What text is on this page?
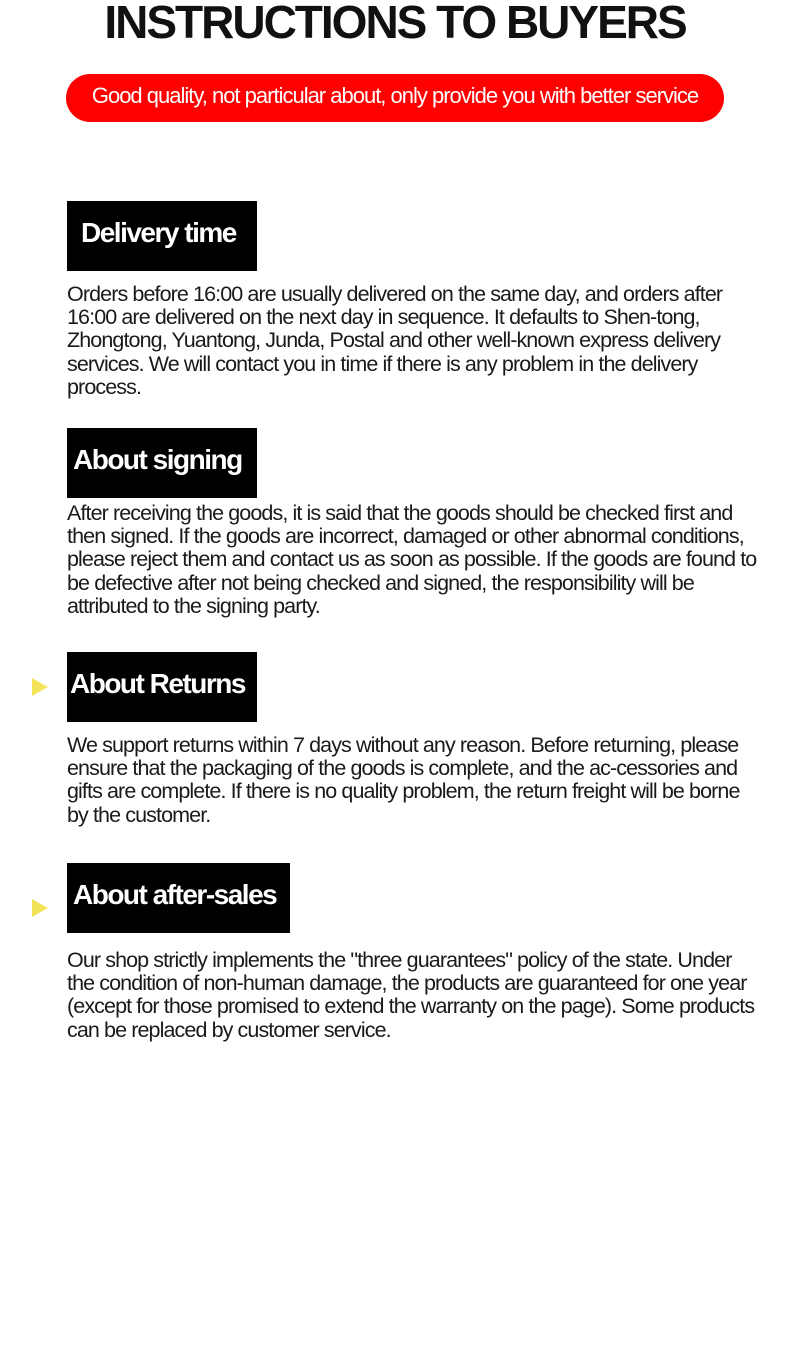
INSTRUCTIONS TO BUYERS
Good quality, not particular about, only provide you with better service
Delivery time

Orders before 16:00 are usually delivered on the same day, and orders after 16:00 are delivered on the next day in sequence. It defaults to Shen-tong, Zhongtong, Yuantong, Junda, Postal and other well-known express delivery services. We will contact you in time if there is any problem in the delivery process.

About signing

After receiving the goods, it is said that the goods should be checked first and then signed. If the goods are incorrect, damaged or other abnormal conditions, please reject them and contact us as soon as possible. If the goods are found to be defective after not being checked and signed, the responsibility will be attributed to the signing party.

About Returns

We support returns within 7 days without any reason. Before returning, please ensure that the packaging of the goods is complete, and the ac-cessories and gifts are complete. If there is no quality problem, the return freight will be borne by the customer.

About after-sales

Our shop strictly implements the "three guarantees" policy of the state. Under the condition of non-human damage, the products are guaranteed for one year (except for those promised to extend the warranty on the page). Some products can be replaced by customer service.
